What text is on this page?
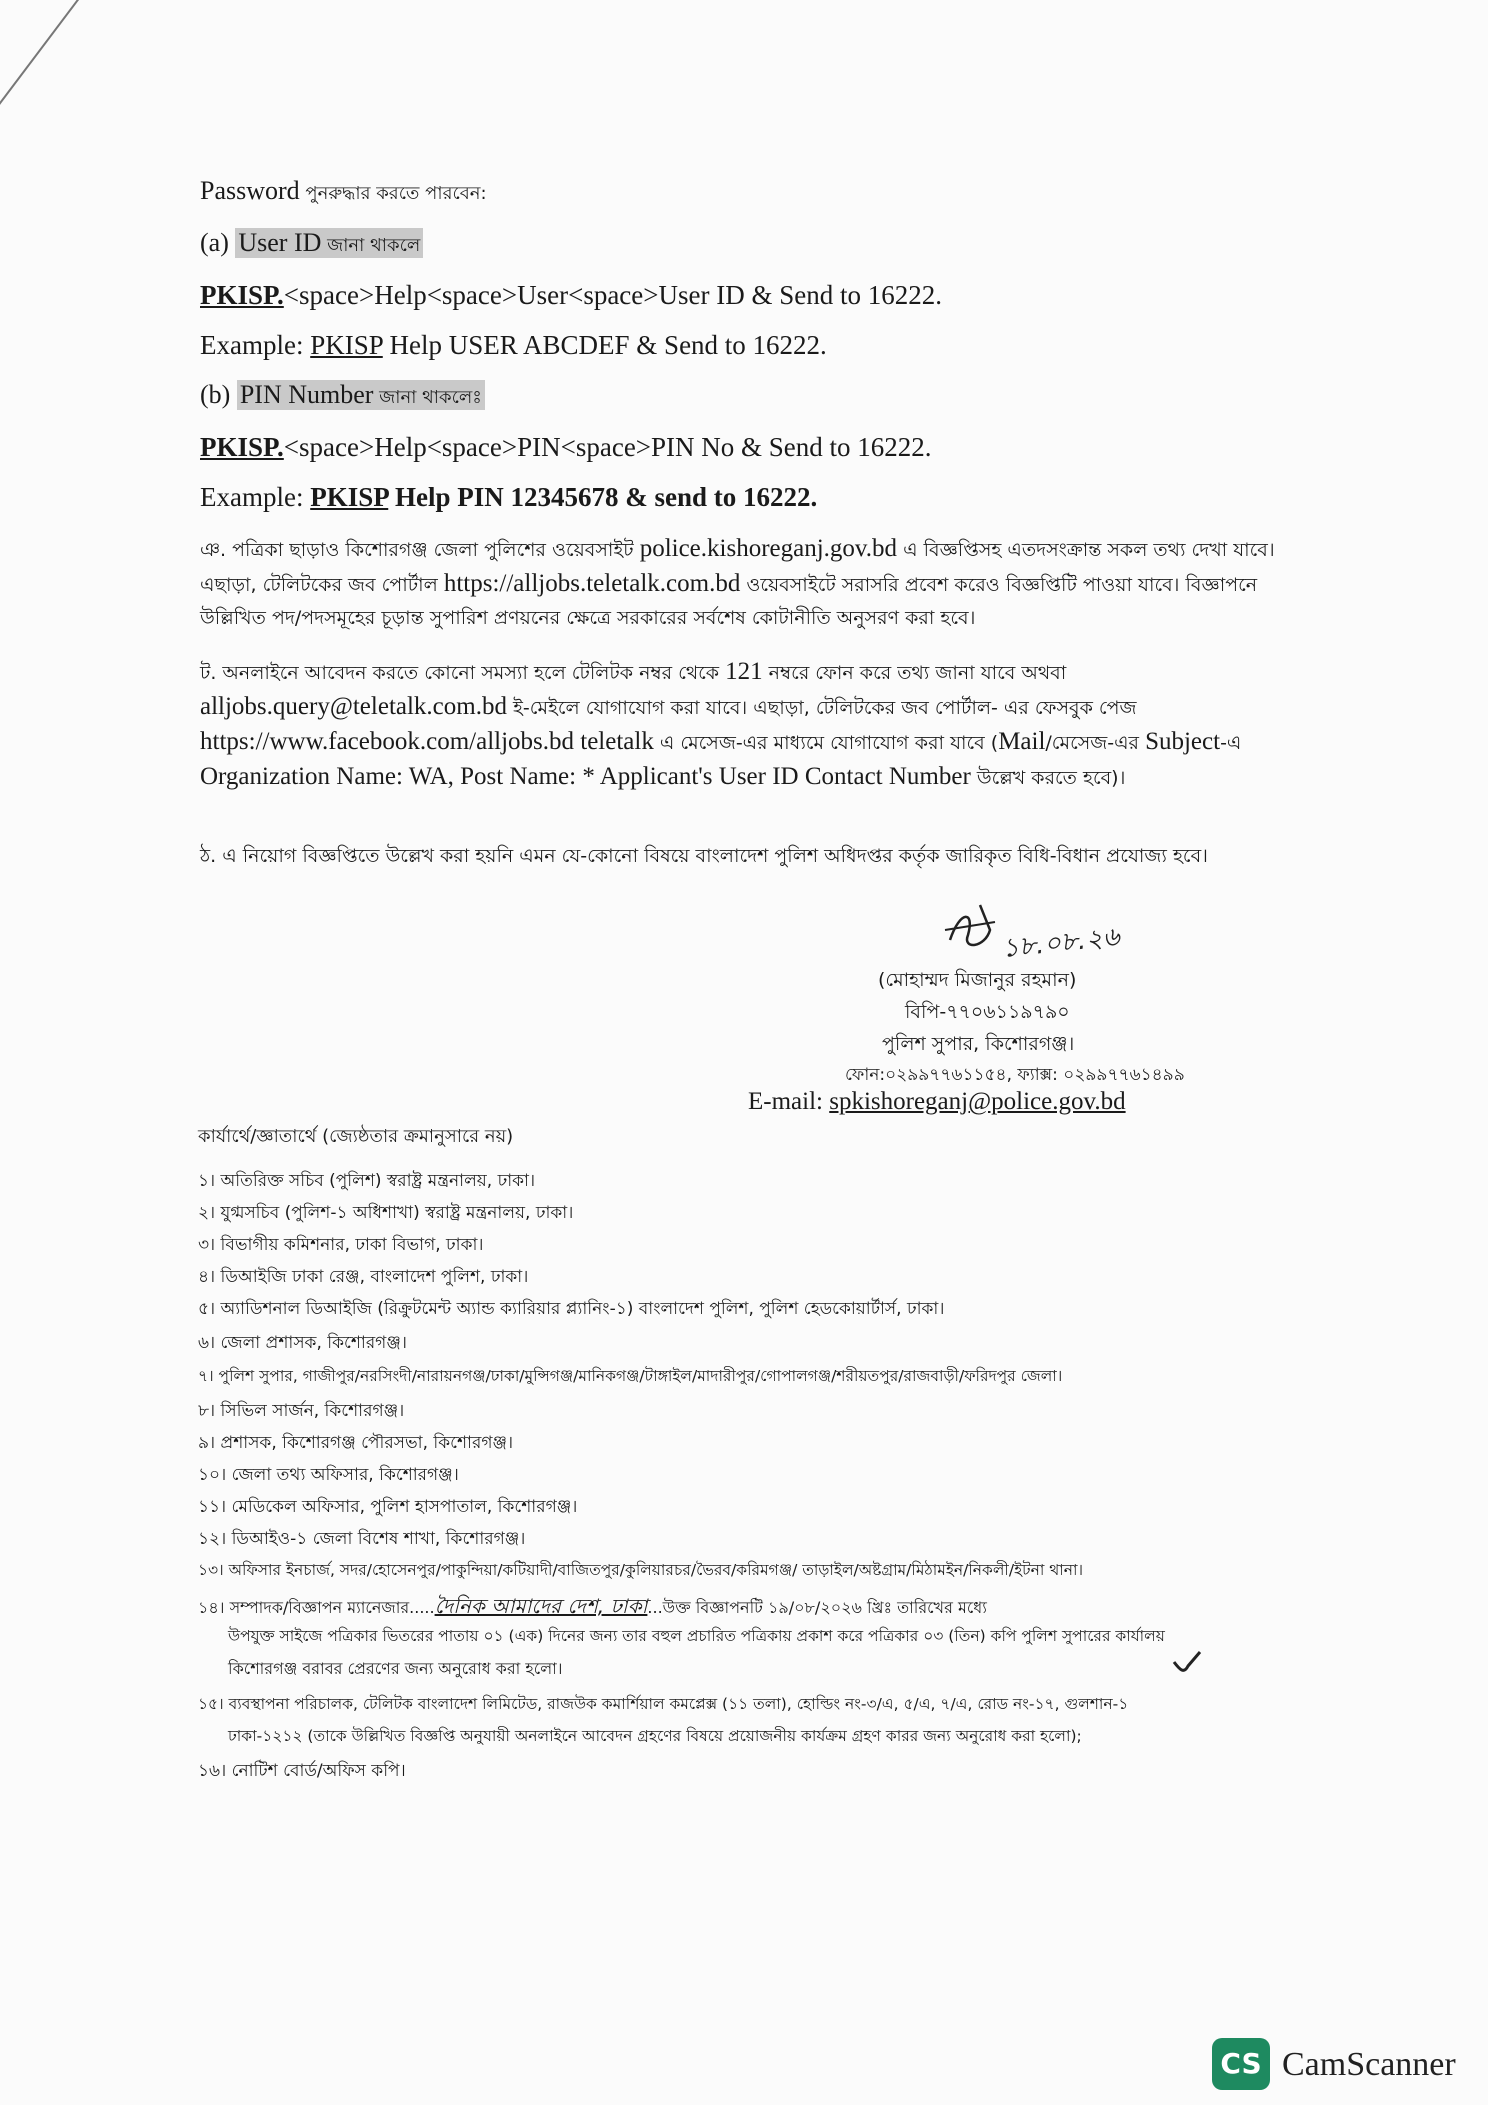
Password পুনরুদ্ধার করতে পারবেন:
(a) User ID জানা থাকলে
PKISP.<space>Help<space>User<space>User ID & Send to 16222.
Example: PKISP Help USER ABCDEF & Send to 16222.
(b) PIN Number জানা থাকলেঃ
PKISP.<space>Help<space>PIN<space>PIN No & Send to 16222.
Example: PKISP Help PIN 12345678 & send to 16222.
ঞ. পত্রিকা ছাড়াও কিশোরগঞ্জ জেলা পুলিশের ওয়েবসাইট police.kishoreganj.gov.bd এ বিজ্ঞপ্তিসহ এতদসংক্রান্ত সকল তথ্য দেখা যাবে। এছাড়া, টেলিটকের জব পোর্টাল https://alljobs.teletalk.com.bd ওয়েবসাইটে সরাসরি প্রবেশ করেও বিজ্ঞপ্তিটি পাওয়া যাবে। বিজ্ঞাপনে উল্লিখিত পদ/পদসমূহের চূড়ান্ত সুপারিশ প্রণয়নের ক্ষেত্রে সরকারের সর্বশেষ কোটানীতি অনুসরণ করা হবে।
ট. অনলাইনে আবেদন করতে কোনো সমস্যা হলে টেলিটক নম্বর থেকে 121 নম্বরে ফোন করে তথ্য জানা যাবে অথবা alljobs.query@teletalk.com.bd ই-মেইলে যোগাযোগ করা যাবে। এছাড়া, টেলিটকের জব পোর্টাল- এর ফেসবুক পেজ https://www.facebook.com/alljobs.bd teletalk এ মেসেজ-এর মাধ্যমে যোগাযোগ করা যাবে (Mail/মেসেজ-এর Subject-এ Organization Name: WA, Post Name: * Applicant's User ID Contact Number উল্লেখ করতে হবে)।
ঠ. এ নিয়োগ বিজ্ঞপ্তিতে উল্লেখ করা হয়নি এমন যে-কোনো বিষয়ে বাংলাদেশ পুলিশ অধিদপ্তর কর্তৃক জারিকৃত বিধি-বিধান প্রযোজ্য হবে।
১৮.০৮.২৬
(মোহাম্মদ মিজানুর রহমান)
বিপি-৭৭০৬১১৯৭৯০
পুলিশ সুপার, কিশোরগঞ্জ।
ফোন:০২৯৯৭৭৬১১৫৪, ফ্যাক্স: ০২৯৯৭৭৬১৪৯৯
E-mail: spkishoreganj@police.gov.bd
কার্যার্থে/জ্ঞাতার্থে (জ্যেষ্ঠতার ক্রমানুসারে নয়)
১। অতিরিক্ত সচিব (পুলিশ) স্বরাষ্ট্র মন্ত্রনালয়, ঢাকা।
২। যুগ্মসচিব (পুলিশ-১ অধিশাখা) স্বরাষ্ট্র মন্ত্রনালয়, ঢাকা।
৩। বিভাগীয় কমিশনার, ঢাকা বিভাগ, ঢাকা।
৪। ডিআইজি ঢাকা রেঞ্জ, বাংলাদেশ পুলিশ, ঢাকা।
৫। অ্যাডিশনাল ডিআইজি (রিক্রুটমেন্ট অ্যান্ড ক্যারিয়ার প্ল্যানিং-১) বাংলাদেশ পুলিশ, পুলিশ হেডকোয়ার্টার্স, ঢাকা।
৬। জেলা প্রশাসক, কিশোরগঞ্জ।
৭। পুলিশ সুপার, গাজীপুর/নরসিংদী/নারায়নগঞ্জ/ঢাকা/মুন্সিগঞ্জ/মানিকগঞ্জ/টাঙ্গাইল/মাদারীপুর/গোপালগঞ্জ/শরীয়তপুর/রাজবাড়ী/ফরিদপুর জেলা।
৮। সিভিল সার্জন, কিশোরগঞ্জ।
৯। প্রশাসক, কিশোরগঞ্জ পৌরসভা, কিশোরগঞ্জ।
১০। জেলা তথ্য অফিসার, কিশোরগঞ্জ।
১১। মেডিকেল অফিসার, পুলিশ হাসপাতাল, কিশোরগঞ্জ।
১২। ডিআইও-১ জেলা বিশেষ শাখা, কিশোরগঞ্জ।
১৩। অফিসার ইনচার্জ, সদর/হোসেনপুর/পাকুন্দিয়া/কটিয়াদী/বাজিতপুর/কুলিয়ারচর/ভৈরব/করিমগঞ্জ/ তাড়াইল/অষ্টগ্রাম/মিঠামইন/নিকলী/ইটনা থানা।
১৪। সম্পাদক/বিজ্ঞাপন ম্যানেজার.....দৈনিক আমাদের দেশ, ঢাকা...উক্ত বিজ্ঞাপনটি ১৯/০৮/২০২৬ খ্রিঃ তারিখের মধ্যে
উপযুক্ত সাইজে পত্রিকার ভিতরের পাতায় ০১ (এক) দিনের জন্য তার বহুল প্রচারিত পত্রিকায় প্রকাশ করে পত্রিকার ০৩ (তিন) কপি পুলিশ সুপারের কার্যালয়
কিশোরগঞ্জ বরাবর প্রেরণের জন্য অনুরোধ করা হলো।
১৫। ব্যবস্থাপনা পরিচালক, টেলিটক বাংলাদেশ লিমিটেড, রাজউক কমার্শিয়াল কমপ্লেক্স (১১ তলা), হোল্ডিং নং-৩/এ, ৫/এ, ৭/এ, রোড নং-১৭, গুলশান-১
ঢাকা-১২১২ (তাকে উল্লিখিত বিজ্ঞপ্তি অনুযায়ী অনলাইনে আবেদন গ্রহণের বিষয়ে প্রয়োজনীয় কার্যক্রম গ্রহণ কারর জন্য অনুরোধ করা হলো);
১৬। নোটিশ বোর্ড/অফিস কপি।
CS CamScanner
